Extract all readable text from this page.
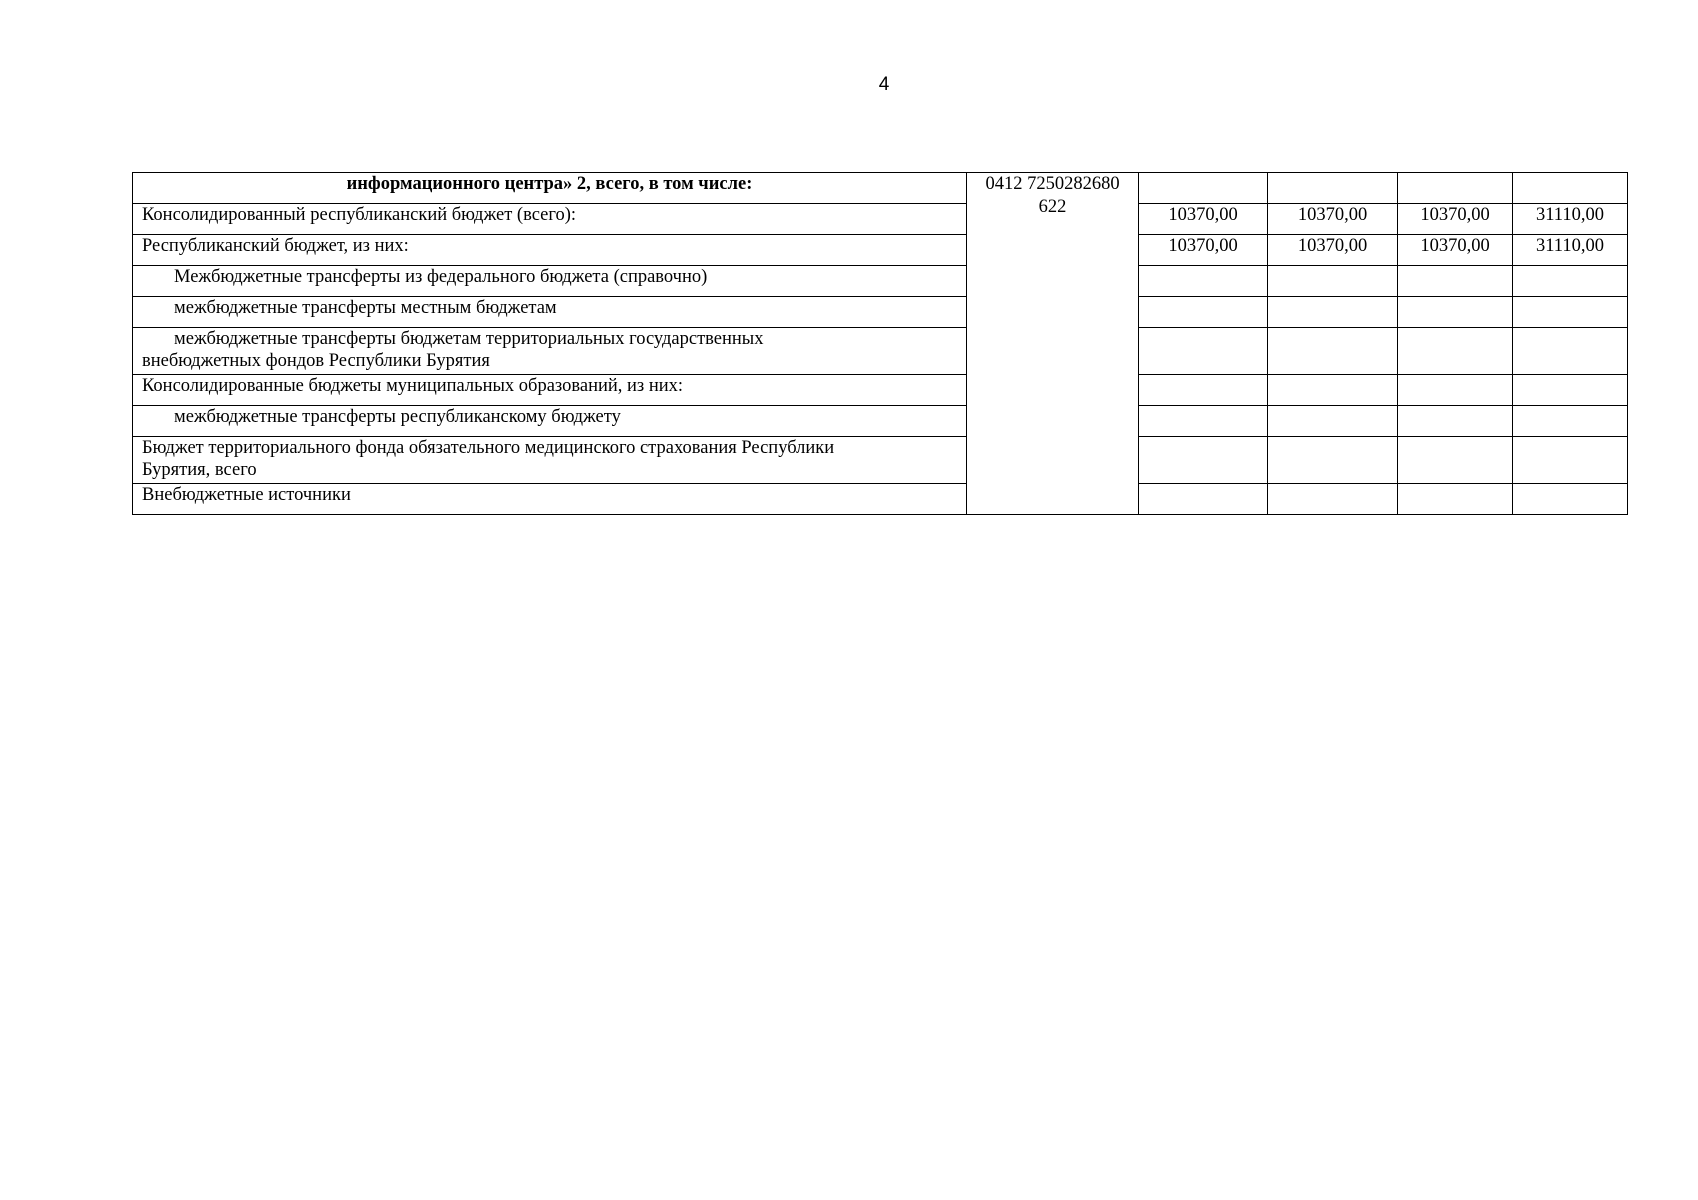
4
информационного центра» 2, всего, в том числе:	0412 7250282680
622				

Консолидированный республиканский бюджет (всего):		10370,00	10370,00	10370,00	31110,00
Республиканский бюджет, из них:		10370,00	10370,00	10370,00	31110,00
Межбюджетные трансферты из федерального бюджета (справочно)					
межбюджетные трансферты местным бюджетам					

межбюджетные трансферты бюджетам территориальных государственных
внебюджетных фондов Республики Бурятия					

Консолидированные бюджеты муниципальных образований, из них:					
межбюджетные трансферты республиканскому бюджету					

Бюджет территориального фонда обязательного медицинского страхования Республики
Бурятия, всего					

Внебюджетные источники					
